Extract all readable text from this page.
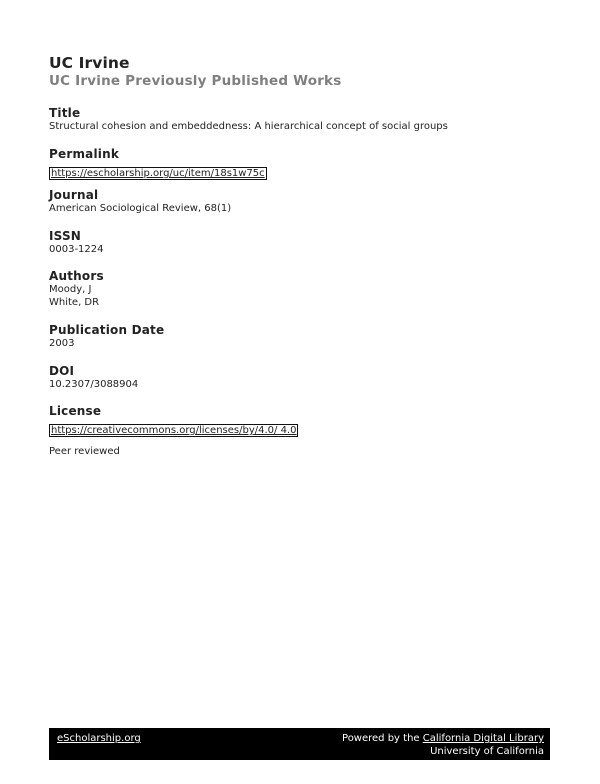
UC Irvine
UC Irvine Previously Published Works
Title
Structural cohesion and embeddedness: A hierarchical concept of social groups
Permalink
https://escholarship.org/uc/item/18s1w75c
Journal
American Sociological Review, 68(1)
ISSN
0003-1224
Authors
Moody, J
White, DR
Publication Date
2003
DOI
10.2307/3088904
License
https://creativecommons.org/licenses/by/4.0/ 4.0
Peer reviewed
eScholarship.org	Powered by the California Digital Library
University of California
